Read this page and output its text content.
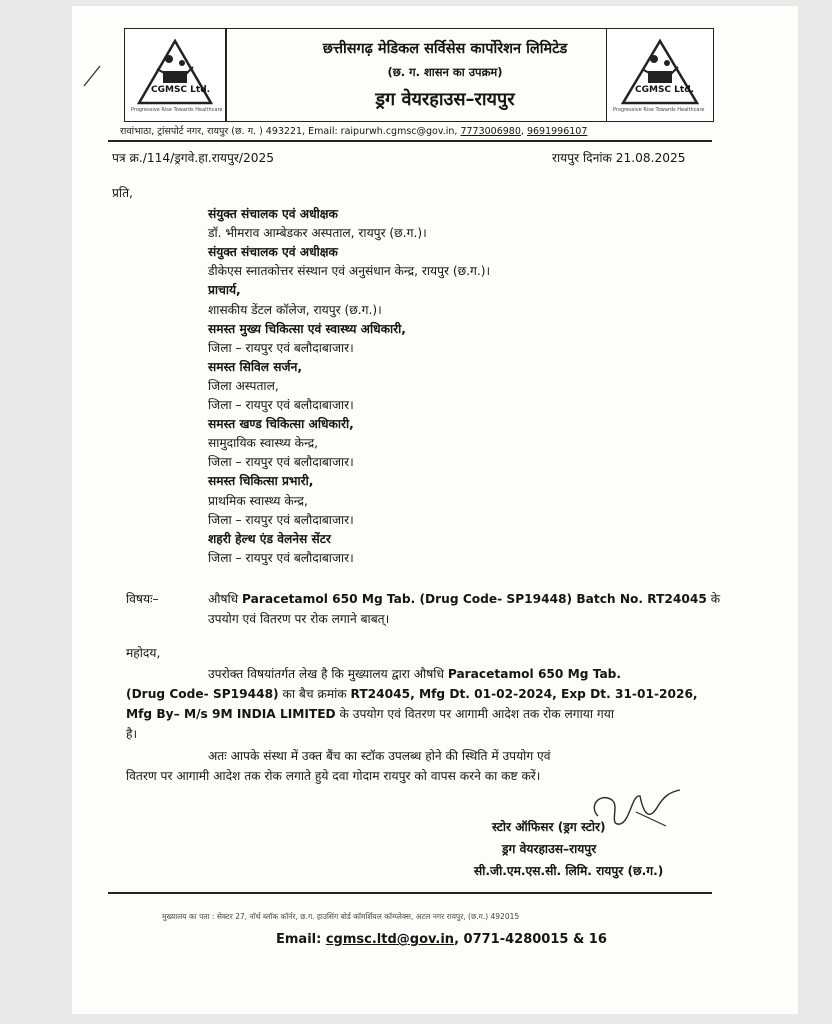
CGMSC Ltd.
Progressive Rise Towards Healthcare
छत्तीसगढ़ मेडिकल सर्विसेस कार्पोरेशन लिमिटेड
(छ. ग. शासन का उपक्रम)
ड्रग वेयरहाउस–रायपुर	CGMSC Ltd.
Progressive Rise Towards Healthcare
रावांभाठा, ट्रांसपोर्ट नगर, रायपुर (छ. ग. ) 493221, Email: raipurwh.cgmsc@gov.in, 7773006980, 9691996107
पत्र क्र./114/ड्रगवे.हा.रायपुर/2025	रायपुर दिनांक 21.08.2025
प्रति,
संयुक्त संचालक एवं अधीक्षक
डॉ. भीमराव आम्बेडकर अस्पताल, रायपुर (छ.ग.)।
संयुक्त संचालक एवं अधीक्षक
डीकेएस स्नातकोत्तर संस्थान एवं अनुसंधान केन्द्र, रायपुर (छ.ग.)।
प्राचार्य,
शासकीय डेंटल कॉलेज, रायपुर (छ.ग.)।
समस्त मुख्य चिकित्सा एवं स्वास्थ्य अधिकारी,
जिला – रायपुर एवं बलौदाबाजार।
समस्त सिविल सर्जन,
जिला अस्पताल,
जिला – रायपुर एवं बलौदाबाजार।
समस्त खण्ड चिकित्सा अधिकारी,
सामुदायिक स्वास्थ्य केन्द्र,
जिला – रायपुर एवं बलौदाबाजार।
समस्त चिकित्सा प्रभारी,
प्राथमिक स्वास्थ्य केन्द्र,
जिला – रायपुर एवं बलौदाबाजार।
शहरी हेल्थ एंड वेलनेस सेंटर
जिला – रायपुर एवं बलौदाबाजार।
विषयः–	औषधि Paracetamol 650 Mg Tab. (Drug Code- SP19448) Batch No. RT24045 के
उपयोग एवं वितरण पर रोक लगाने बाबत्।
महोदय,
उपरोक्त विषयांतर्गत लेख है कि मुख्यालय द्वारा औषधि Paracetamol 650 Mg Tab.
(Drug Code- SP19448) का बैच क्रमांक RT24045, Mfg Dt. 01-02-2024, Exp Dt. 31-01-2026,
Mfg By– M/s 9M INDIA LIMITED के उपयोग एवं वितरण पर आगामी आदेश तक रोक लगाया गया
है।
अतः आपके संस्था में उक्त बैंच का स्टॉक उपलब्ध होने की स्थिति में उपयोग एवं
वितरण पर आगामी आदेश तक रोक लगाते हुये दवा गोदाम रायपुर को वापस करने का कष्ट करें।
स्टोर ऑफिसर (ड्रग स्टोर)
ड्रग वेयरहाउस–रायपुर
सी.जी.एम.एस.सी. लिमि. रायपुर (छ.ग.)
मुख्यालय का पता : सेक्टर 27, नॉर्थ ब्लॉक कॉर्नर, छ.ग. हाउसिंग बोर्ड कॉमर्शियल कॉम्प्लेक्स, अटल नगर रायपुर, (छ.ग.) 492015
Email: cgmsc.ltd@gov.in, 0771-4280015 & 16
